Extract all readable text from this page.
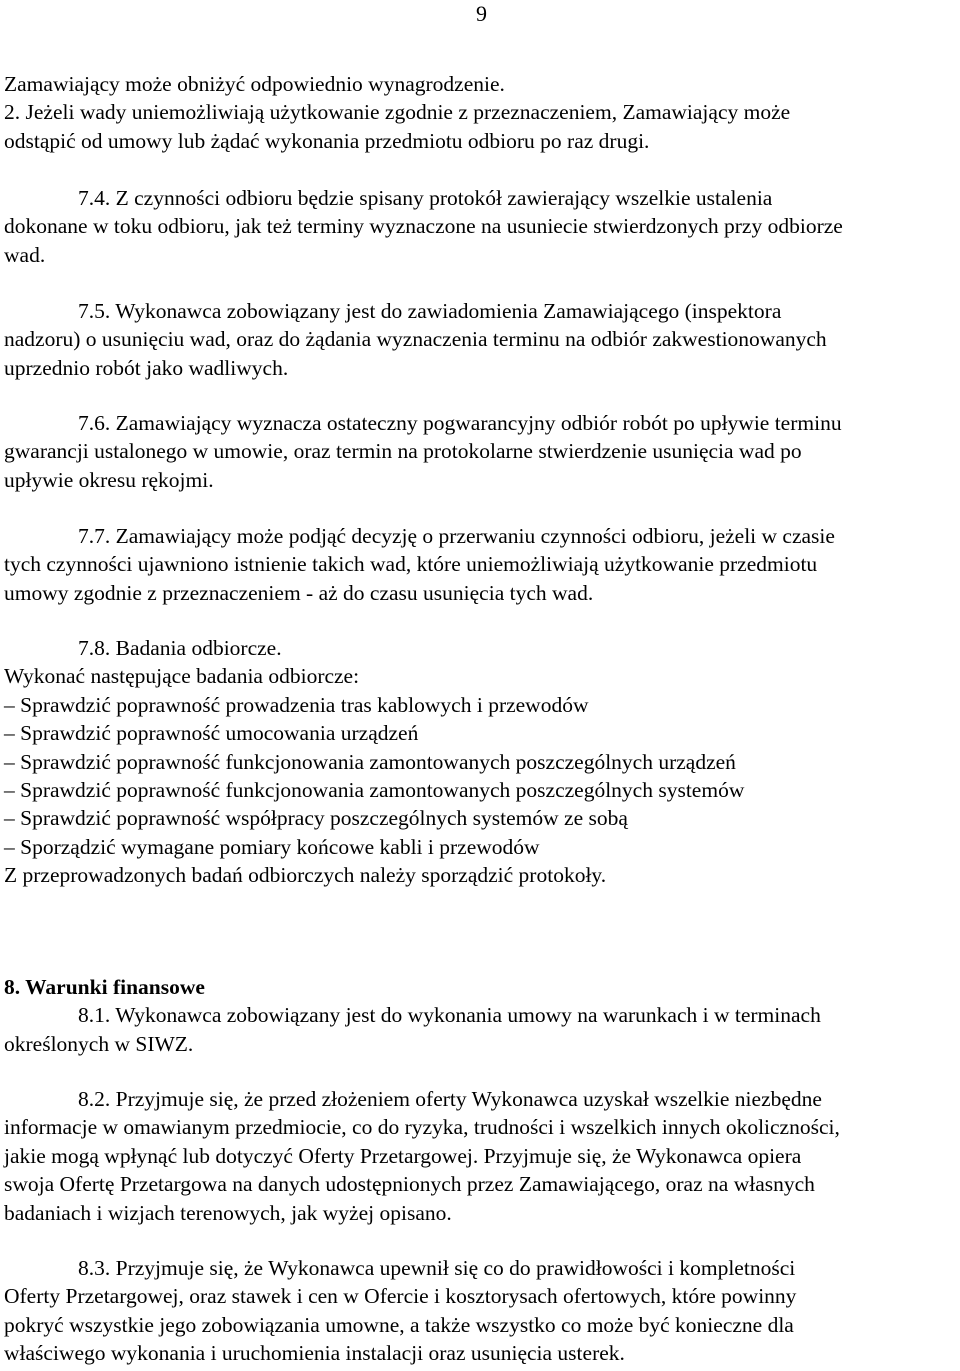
9
Zamawiający może obniżyć odpowiednio wynagrodzenie.
2. Jeżeli wady uniemożliwiają użytkowanie zgodnie z przeznaczeniem, Zamawiający może
odstąpić od umowy lub żądać wykonania przedmiotu odbioru po raz drugi.
7.4. Z czynności odbioru będzie spisany protokół zawierający wszelkie ustalenia
dokonane w toku odbioru, jak też terminy wyznaczone na usuniecie stwierdzonych przy odbiorze
wad.
7.5. Wykonawca zobowiązany jest do zawiadomienia Zamawiającego (inspektora
nadzoru) o usunięciu wad, oraz do żądania wyznaczenia terminu na odbiór zakwestionowanych
uprzednio robót jako wadliwych.
7.6. Zamawiający wyznacza ostateczny pogwarancyjny odbiór robót po upływie terminu
gwarancji ustalonego w umowie, oraz termin na protokolarne stwierdzenie usunięcia wad po
upływie okresu rękojmi.
7.7. Zamawiający może podjąć decyzję o przerwaniu czynności odbioru, jeżeli w czasie
tych czynności ujawniono istnienie takich wad, które uniemożliwiają użytkowanie przedmiotu
umowy zgodnie z przeznaczeniem - aż do czasu usunięcia tych wad.
7.8. Badania odbiorcze.
Wykonać następujące badania odbiorcze:
– Sprawdzić poprawność prowadzenia tras kablowych i przewodów
– Sprawdzić poprawność umocowania urządzeń
– Sprawdzić poprawność funkcjonowania zamontowanych poszczególnych urządzeń
– Sprawdzić poprawność funkcjonowania zamontowanych poszczególnych systemów
– Sprawdzić poprawność współpracy poszczególnych systemów ze sobą
– Sporządzić wymagane pomiary końcowe kabli i przewodów
Z przeprowadzonych badań odbiorczych należy sporządzić protokoły.
8. Warunki finansowe
8.1. Wykonawca zobowiązany jest do wykonania umowy na warunkach i w terminach
określonych w SIWZ.
8.2. Przyjmuje się, że przed złożeniem oferty Wykonawca uzyskał wszelkie niezbędne
informacje w omawianym przedmiocie, co do ryzyka, trudności i wszelkich innych okoliczności,
jakie mogą wpłynąć lub dotyczyć Oferty Przetargowej. Przyjmuje się, że Wykonawca opiera
swoja Ofertę Przetargowa na danych udostępnionych przez Zamawiającego, oraz na własnych
badaniach i wizjach terenowych, jak wyżej opisano.
8.3. Przyjmuje się, że Wykonawca upewnił się co do prawidłowości i kompletności
Oferty Przetargowej, oraz stawek i cen w Ofercie i kosztorysach ofertowych, które powinny
pokryć wszystkie jego zobowiązania umowne, a także wszystko co może być konieczne dla
właściwego wykonania i uruchomienia instalacji oraz usunięcia usterek.
